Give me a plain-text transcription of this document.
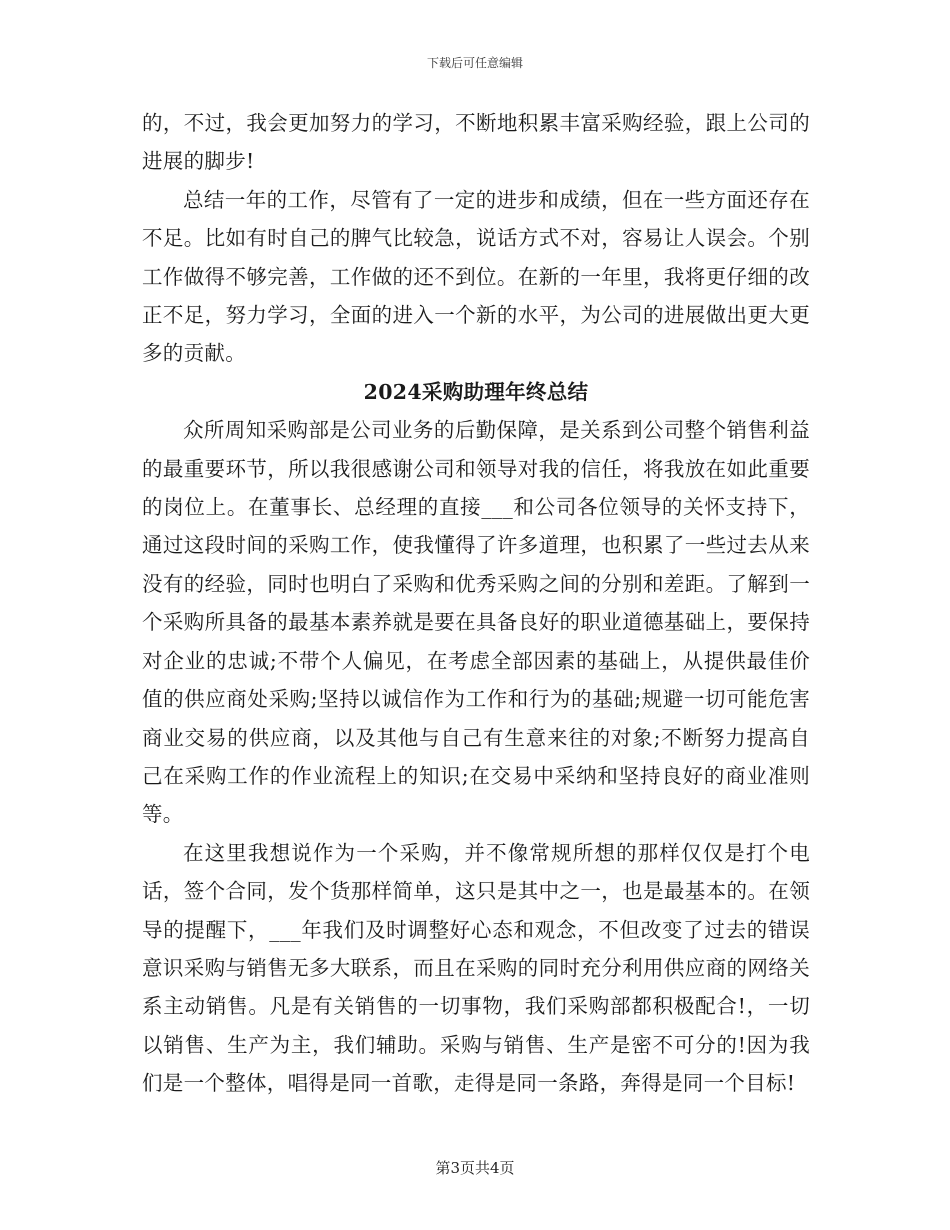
下载后可任意编辑

的，不过，我会更加努力的学习，不断地积累丰富采购经验，跟上公司的进展的脚步!

总结一年的工作，尽管有了一定的进步和成绩，但在一些方面还存在不足。比如有时自己的脾气比较急，说话方式不对，容易让人误会。个别工作做得不够完善，工作做的还不到位。在新的一年里，我将更仔细的改正不足，努力学习，全面的进入一个新的水平，为公司的进展做出更大更多的贡献。

2024采购助理年终总结

众所周知采购部是公司业务的后勤保障，是关系到公司整个销售利益的最重要环节，所以我很感谢公司和领导对我的信任，将我放在如此重要的岗位上。在董事长、总经理的直接___和公司各位领导的关怀支持下，通过这段时间的采购工作，使我懂得了许多道理，也积累了一些过去从来没有的经验，同时也明白了采购和优秀采购之间的分别和差距。了解到一个采购所具备的最基本素养就是要在具备良好的职业道德基础上，要保持对企业的忠诚;不带个人偏见，在考虑全部因素的基础上，从提供最佳价值的供应商处采购;坚持以诚信作为工作和行为的基础;规避一切可能危害商业交易的供应商，以及其他与自己有生意来往的对象;不断努力提高自己在采购工作的作业流程上的知识;在交易中采纳和坚持良好的商业准则等。

在这里我想说作为一个采购，并不像常规所想的那样仅仅是打个电话，签个合同，发个货那样简单，这只是其中之一，也是最基本的。在领导的提醒下，___年我们及时调整好心态和观念，不但改变了过去的错误意识采购与销售无多大联系，而且在采购的同时充分利用供应商的网络关系主动销售。凡是有关销售的一切事物，我们采购部都积极配合!，一切以销售、生产为主，我们辅助。采购与销售、生产是密不可分的!因为我们是一个整体，唱得是同一首歌，走得是同一条路，奔得是同一个目标!

第3页共4页
